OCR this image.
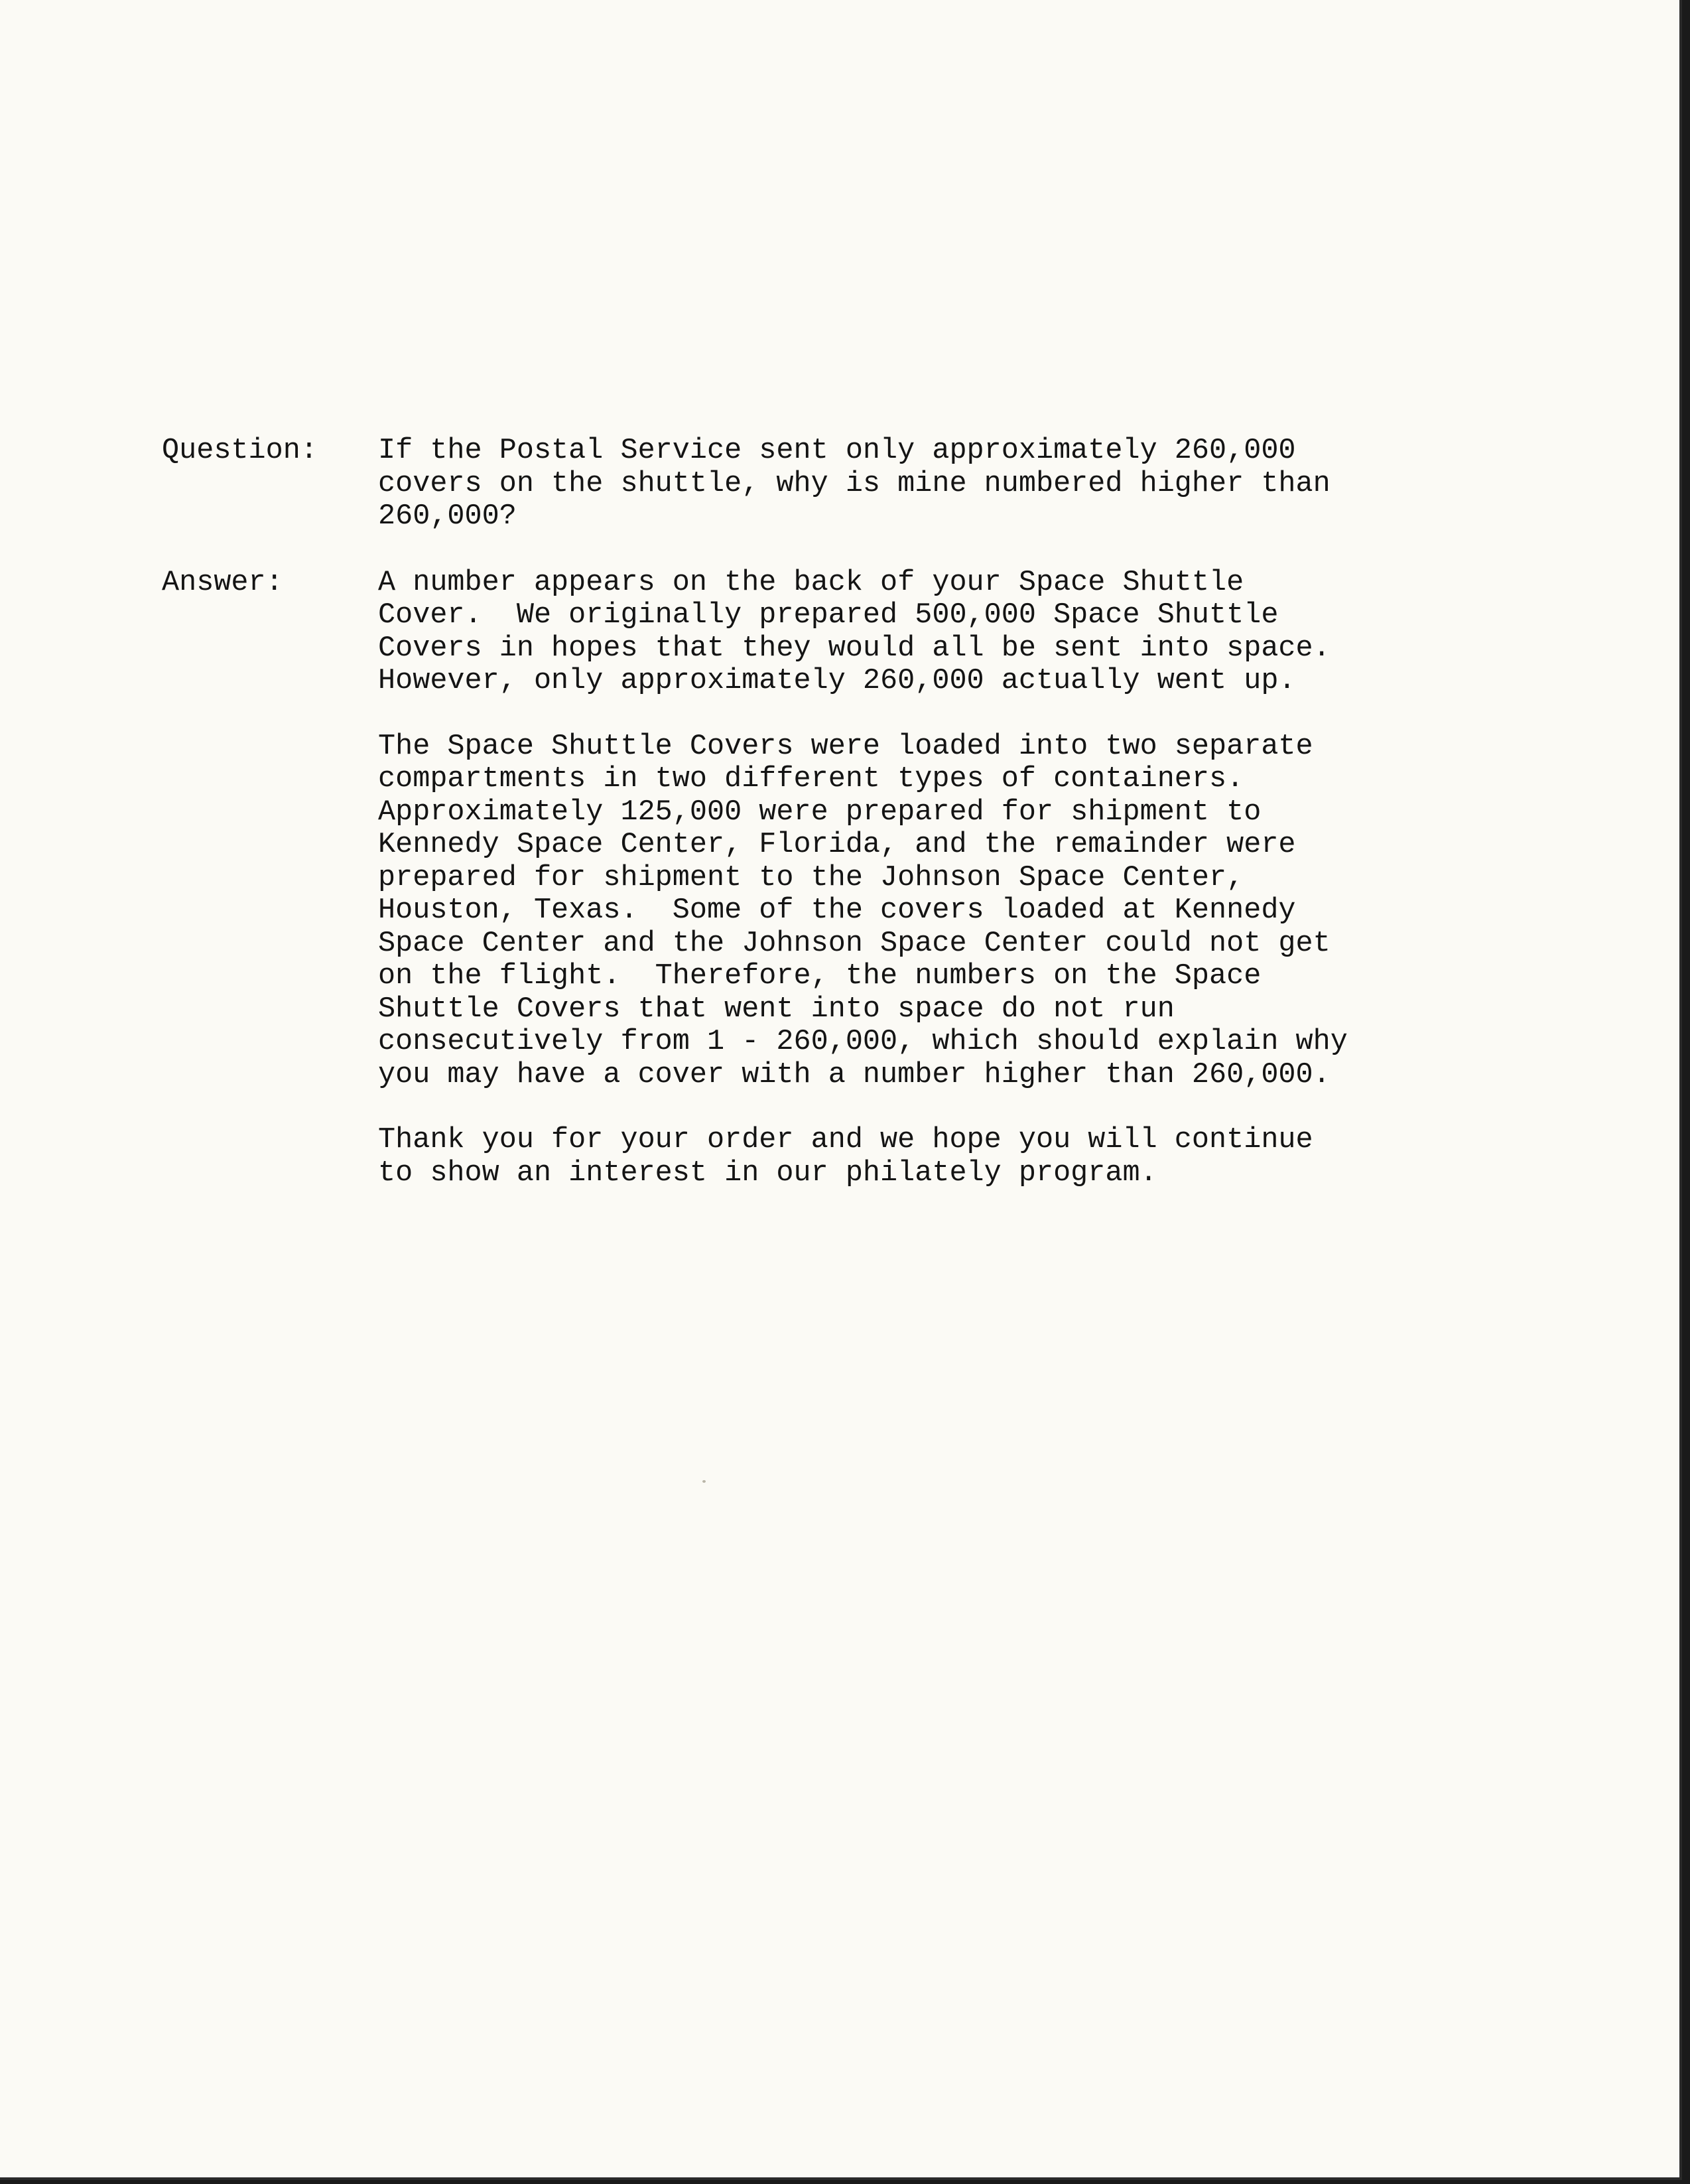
Question:	If the Postal Service sent only approximately 260,000
covers on the shuttle, why is mine numbered higher than
260,000?
Answer:	A number appears on the back of your Space Shuttle
Cover.  We originally prepared 500,000 Space Shuttle
Covers in hopes that they would all be sent into space.
However, only approximately 260,000 actually went up.
The Space Shuttle Covers were loaded into two separate
compartments in two different types of containers.
Approximately 125,000 were prepared for shipment to
Kennedy Space Center, Florida, and the remainder were
prepared for shipment to the Johnson Space Center,
Houston, Texas.  Some of the covers loaded at Kennedy
Space Center and the Johnson Space Center could not get
on the flight.  Therefore, the numbers on the Space
Shuttle Covers that went into space do not run
consecutively from 1 - 260,000, which should explain why
you may have a cover with a number higher than 260,000.
Thank you for your order and we hope you will continue
to show an interest in our philately program.
